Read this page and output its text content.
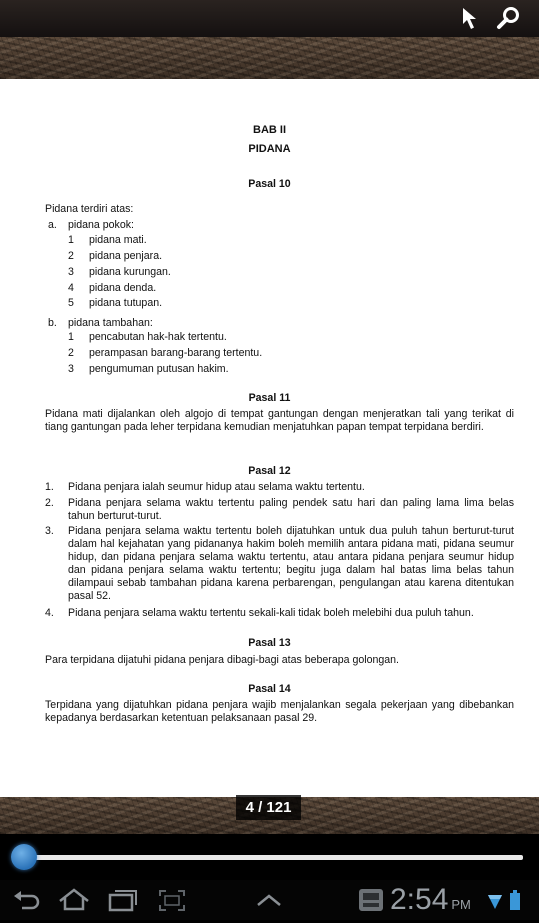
BAB II
PIDANA
Pasal 10
Pidana terdiri atas:
a. pidana pokok:
1 pidana mati.
2 pidana penjara.
3 pidana kurungan.
4 pidana denda.
5 pidana tutupan.
b. pidana tambahan:
1 pencabutan hak-hak tertentu.
2 perampasan barang-barang tertentu.
3 pengumuman putusan hakim.
Pasal 11
Pidana mati dijalankan oleh algojo di tempat gantungan dengan menjeratkan tali yang terikat di tiang gantungan pada leher terpidana kemudian menjatuhkan papan tempat terpidana berdiri.
Pasal 12
1. Pidana penjara ialah seumur hidup atau selama waktu tertentu.
2. Pidana penjara selama waktu tertentu paling pendek satu hari dan paling lama lima belas tahun berturut-turut.
3. Pidana penjara selama waktu tertentu boleh dijatuhkan untuk dua puluh tahun berturut-turut dalam hal kejahatan yang pidananya hakim boleh memilih antara pidana mati, pidana seumur hidup, dan pidana penjara selama waktu tertentu, atau antara pidana penjara seumur hidup dan pidana penjara selama waktu tertentu; begitu juga dalam hal batas lima belas tahun dilampaui sebab tambahan pidana karena perbarengan, pengulangan atau karena ditentukan pasal 52.
4. Pidana penjara selama waktu tertentu sekali-kali tidak boleh melebihi dua puluh tahun.
Pasal 13
Para terpidana dijatuhi pidana penjara dibagi-bagi atas beberapa golongan.
Pasal 14
Terpidana yang dijatuhkan pidana penjara wajib menjalankan segala pekerjaan yang dibebankan kepadanya berdasarkan ketentuan pelaksanaan pasal 29.
4 / 121
2:54 PM
